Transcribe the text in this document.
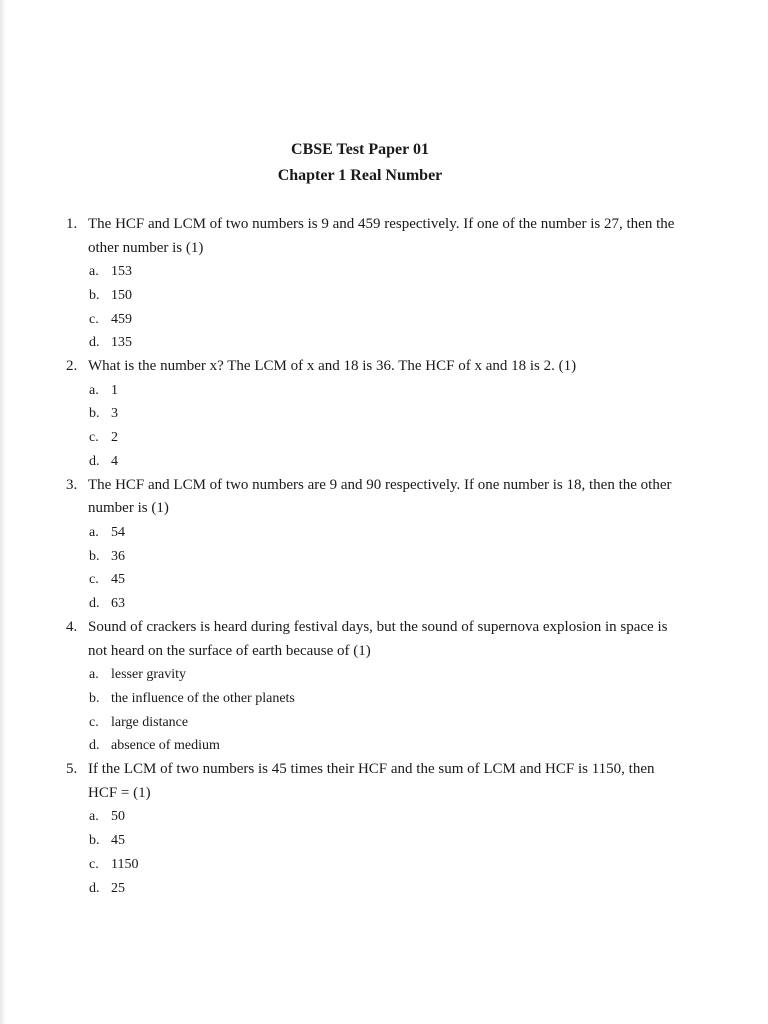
CBSE Test Paper 01

Chapter 1 Real Number

1. The HCF and LCM of two numbers is 9 and 459 respectively. If one of the number is 27, then the other number is (1)
a. 153
b. 150
c. 459
d. 135
2. What is the number x? The LCM of x and 18 is 36. The HCF of x and 18 is 2. (1)
a. 1
b. 3
c. 2
d. 4
3. The HCF and LCM of two numbers are 9 and 90 respectively. If one number is 18, then the other number is (1)
a. 54
b. 36
c. 45
d. 63
4. Sound of crackers is heard during festival days, but the sound of supernova explosion in space is not heard on the surface of earth because of (1)
a. lesser gravity
b. the influence of the other planets
c. large distance
d. absence of medium
5. If the LCM of two numbers is 45 times their HCF and the sum of LCM and HCF is 1150, then HCF = (1)
a. 50
b. 45
c. 1150
d. 25
